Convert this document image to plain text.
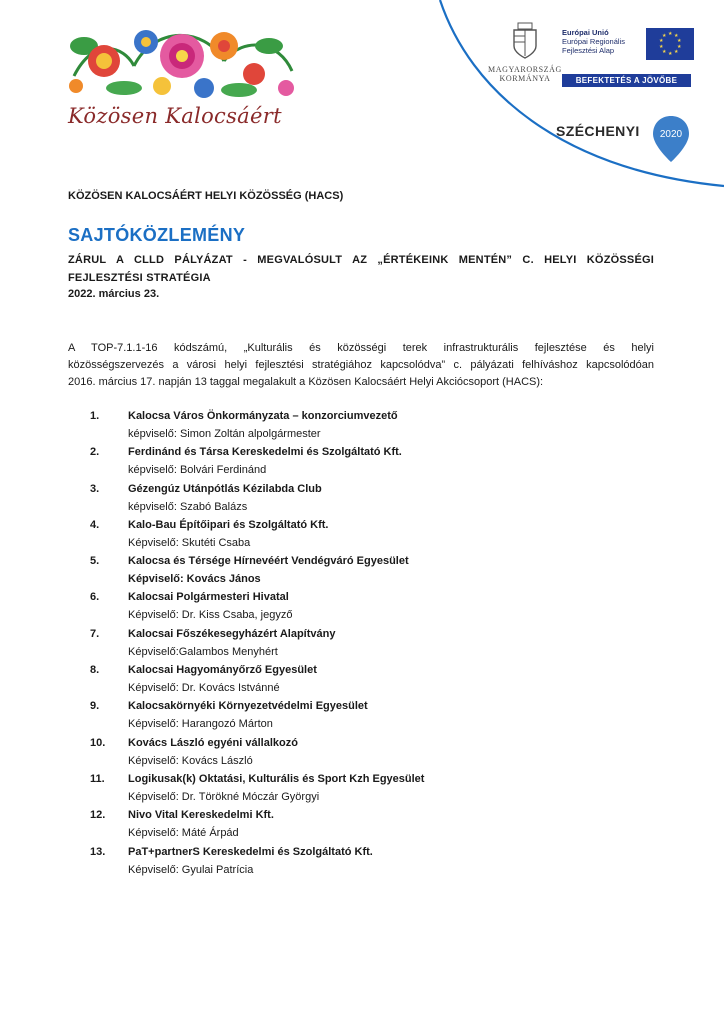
Közösen Kalocsáért
MAGYARORSZÁG
KORMÁNYA
Európai Unió
Európai Regionális
Fejlesztési Alap
★ ★
★
★
★
★
★
★
★
★
BEFEKTETÉS A JÖVŐBE
SZÉCHENYI 2020

KÖZÖSEN KALOCSÁÉRT HELYI KÖZÖSSÉG (HACS)

SAJTÓKÖZLEMÉNY
ZÁRUL A CLLD PÁLYÁZAT - MEGVALÓSULT AZ „ÉRTÉKEINK MENTÉN” C. HELYI KÖZÖSSÉGI
FEJLESZTÉSI STRATÉGIA
2022. március 23.
A TOP-7.1.1-16 kódszámú, „Kulturális és közösségi terek infrastrukturális fejlesztése és helyi
közösségszervezés a városi helyi fejlesztési stratégiához kapcsolódva” c. pályázati felhíváshoz kapcsolódóan
2016. március 17. napján 13 taggal megalakult a Közösen Kalocsáért Helyi Akciócsoport (HACS):
1.	Kalocsa Város Önkormányzata – konzorciumvezető
képviselő: Simon Zoltán alpolgármester
2.	Ferdinánd és Társa Kereskedelmi és Szolgáltató Kft.
képviselő: Bolvári Ferdinánd
3.	Gézengúz Utánpótlás Kézilabda Club
képviselő: Szabó Balázs
4.	Kalo-Bau Építőipari és Szolgáltató Kft.
Képviselő: Skutéti Csaba
5.	Kalocsa és Térsége Hírnevéért Vendégváró Egyesület
Képviselő: Kovács János
6.	Kalocsai Polgármesteri Hivatal
Képviselő: Dr. Kiss Csaba, jegyző
7.	Kalocsai Főszékesegyházért Alapítvány
Képviselő:Galambos Menyhért
8.	Kalocsai Hagyományőrző Egyesület
Képviselő: Dr. Kovács Istvánné
9.	Kalocsakörnyéki Környezetvédelmi Egyesület
Képviselő: Harangozó Márton
10. Kovács László egyéni vállalkozó
Képviselő: Kovács László
11. Logikusak(k) Oktatási, Kulturális és Sport Kzh Egyesület
Képviselő: Dr. Törökné Móczár Györgyi
12. Nivo Vital Kereskedelmi Kft.
Képviselő: Máté Árpád
13. PaT+partnerS Kereskedelmi és Szolgáltató Kft.
Képviselő: Gyulai Patrícia
